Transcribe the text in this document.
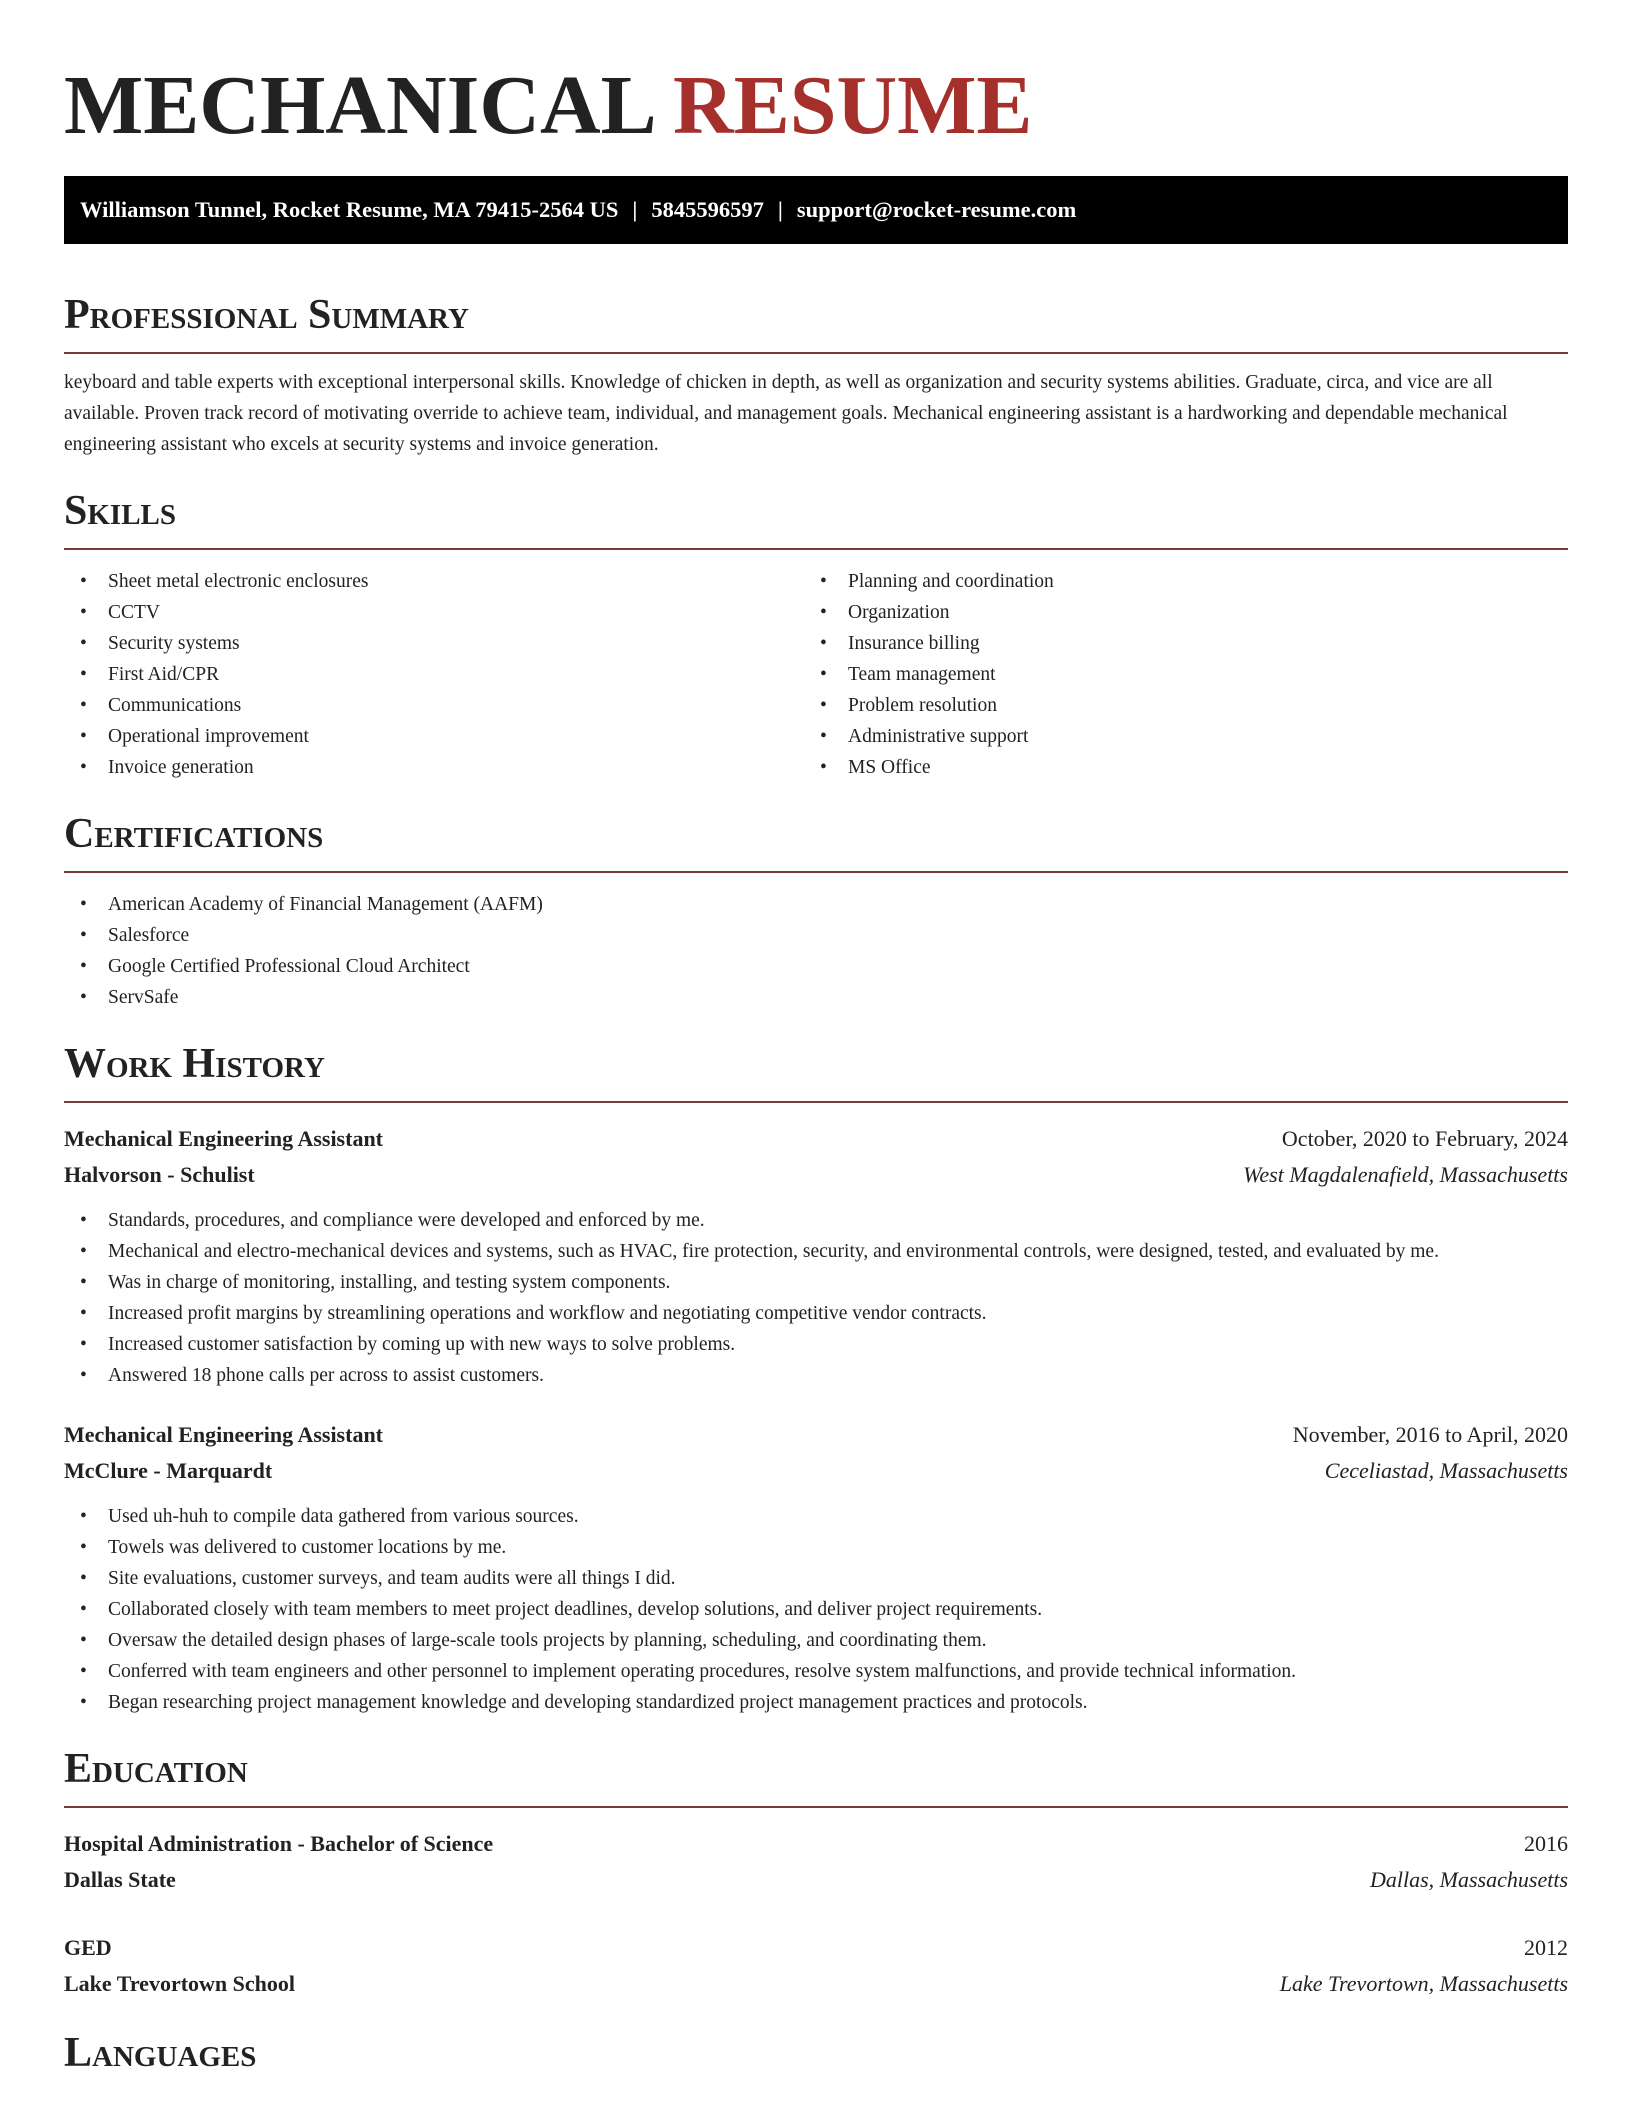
MECHANICAL RESUME
Williamson Tunnel, Rocket Resume, MA 79415-2564 US | 5845596597 | support@rocket-resume.com
Professional Summary

keyboard and table experts with exceptional interpersonal skills. Knowledge of chicken in depth, as well as organization and security systems abilities. Graduate, circa, and vice are all available. Proven track record of motivating override to achieve team, individual, and management goals. Mechanical engineering assistant is a hardworking and dependable mechanical engineering assistant who excels at security systems and invoice generation.

Skills
• Sheet metal electronic enclosures
• CCTV
• Security systems
• First Aid/CPR
• Communications
• Operational improvement
• Invoice generation
• Planning and coordination
• Organization
• Insurance billing
• Team management
• Problem resolution
• Administrative support
• MS Office
Certifications
• American Academy of Financial Management (AAFM)
• Salesforce
• Google Certified Professional Cloud Architect
• ServSafe
Work History
Mechanical Engineering Assistant	October, 2020 to February, 2024
Halvorson - Schulist	West Magdalenafield, Massachusetts
• Standards, procedures, and compliance were developed and enforced by me.
• Mechanical and electro-mechanical devices and systems, such as HVAC, fire protection, security, and environmental controls, were designed, tested, and evaluated by me.
• Was in charge of monitoring, installing, and testing system components.
• Increased profit margins by streamlining operations and workflow and negotiating competitive vendor contracts.
• Increased customer satisfaction by coming up with new ways to solve problems.
• Answered 18 phone calls per across to assist customers.
Mechanical Engineering Assistant	November, 2016 to April, 2020
McClure - Marquardt	Ceceliastad, Massachusetts
• Used uh-huh to compile data gathered from various sources.
• Towels was delivered to customer locations by me.
• Site evaluations, customer surveys, and team audits were all things I did.
• Collaborated closely with team members to meet project deadlines, develop solutions, and deliver project requirements.
• Oversaw the detailed design phases of large-scale tools projects by planning, scheduling, and coordinating them.
• Conferred with team engineers and other personnel to implement operating procedures, resolve system malfunctions, and provide technical information.
• Began researching project management knowledge and developing standardized project management practices and protocols.
Education
Hospital Administration - Bachelor of Science	2016
Dallas State	Dallas, Massachusetts
GED	2012
Lake Trevortown School	Lake Trevortown, Massachusetts
Languages
